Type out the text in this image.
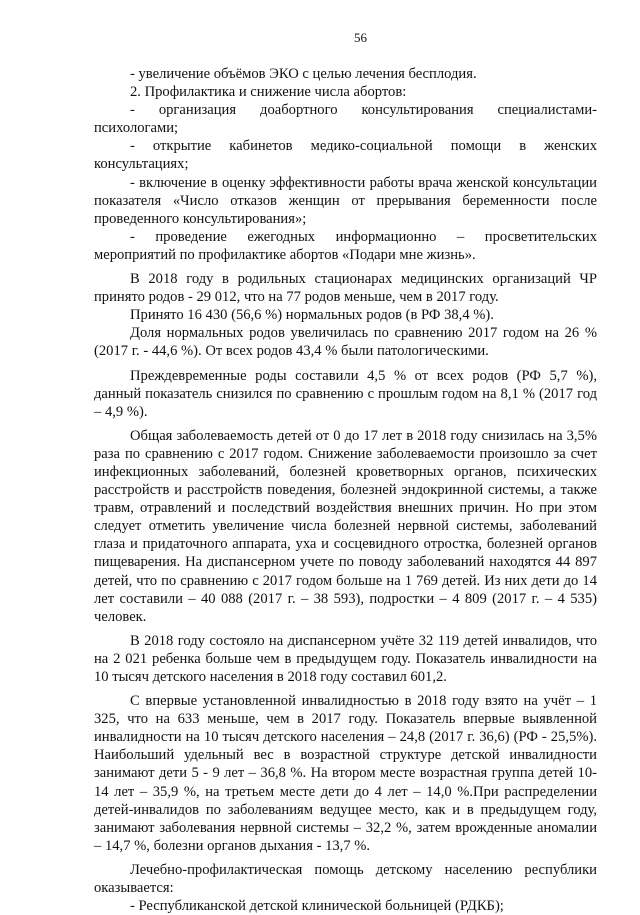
56

- увеличение объёмов ЭКО с целью лечения бесплодия.

2. Профилактика и снижение числа абортов:

- организация доабортного консультирования специалистами-психологами;

- открытие кабинетов медико-социальной помощи в женских консультациях;

- включение в оценку эффективности работы врача женской консультации показателя «Число отказов женщин от прерывания беременности после проведенного консультирования»;

- проведение ежегодных информационно – просветительских мероприятий по профилактике абортов «Подари мне жизнь».

В 2018 году в родильных стационарах медицинских организаций ЧР принято родов - 29 012, что на 77 родов меньше, чем в 2017 году.

Принято 16 430 (56,6 %) нормальных родов (в РФ 38,4 %).

Доля нормальных родов увеличилась по сравнению 2017 годом на 26 % (2017 г. - 44,6 %). От всех родов 43,4 % были патологическими.

Преждевременные роды составили 4,5 % от всех родов (РФ 5,7 %), данный показатель снизился по сравнению с прошлым годом на 8,1 % (2017 год – 4,9 %).

Общая заболеваемость детей от 0 до 17 лет в 2018 году снизилась на 3,5% раза по сравнению с 2017 годом. Снижение заболеваемости произошло за счет инфекционных заболеваний, болезней кроветворных органов, психических расстройств и расстройств поведения, болезней эндокринной системы, а также травм, отравлений и последствий воздействия внешних причин. Но при этом следует отметить увеличение числа болезней нервной системы, заболеваний глаза и придаточного аппарата, уха и сосцевидного отростка, болезней органов пищеварения. На диспансерном учете по поводу заболеваний находятся 44 897 детей, что по сравнению с 2017 годом больше на 1 769 детей. Из них дети до 14 лет составили – 40 088 (2017 г. – 38 593), подростки – 4 809 (2017 г. – 4 535) человек.

В 2018 году состояло на диспансерном учёте 32 119 детей инвалидов, что на 2 021 ребенка больше чем в предыдущем году. Показатель инвалидности на 10 тысяч детского населения в 2018 году составил 601,2.

С впервые установленной инвалидностью в 2018 году взято на учёт – 1 325, что на 633 меньше, чем в 2017 году. Показатель впервые выявленной инвалидности на 10 тысяч детского населения – 24,8 (2017 г. 36,6) (РФ - 25,5%). Наибольший удельный вес в возрастной структуре детской инвалидности занимают дети 5 - 9 лет – 36,8 %. На втором месте возрастная группа детей 10-14 лет – 35,9 %, на третьем месте дети до 4 лет – 14,0 %.При распределении детей-инвалидов по заболеваниям ведущее место, как и в предыдущем году, занимают заболевания нервной системы – 32,2 %, затем врожденные аномалии – 14,7 %, болезни органов дыхания - 13,7 %.

Лечебно-профилактическая помощь детскому населению республики оказывается:

- Республиканской детской клинической больницей (РДКБ);
